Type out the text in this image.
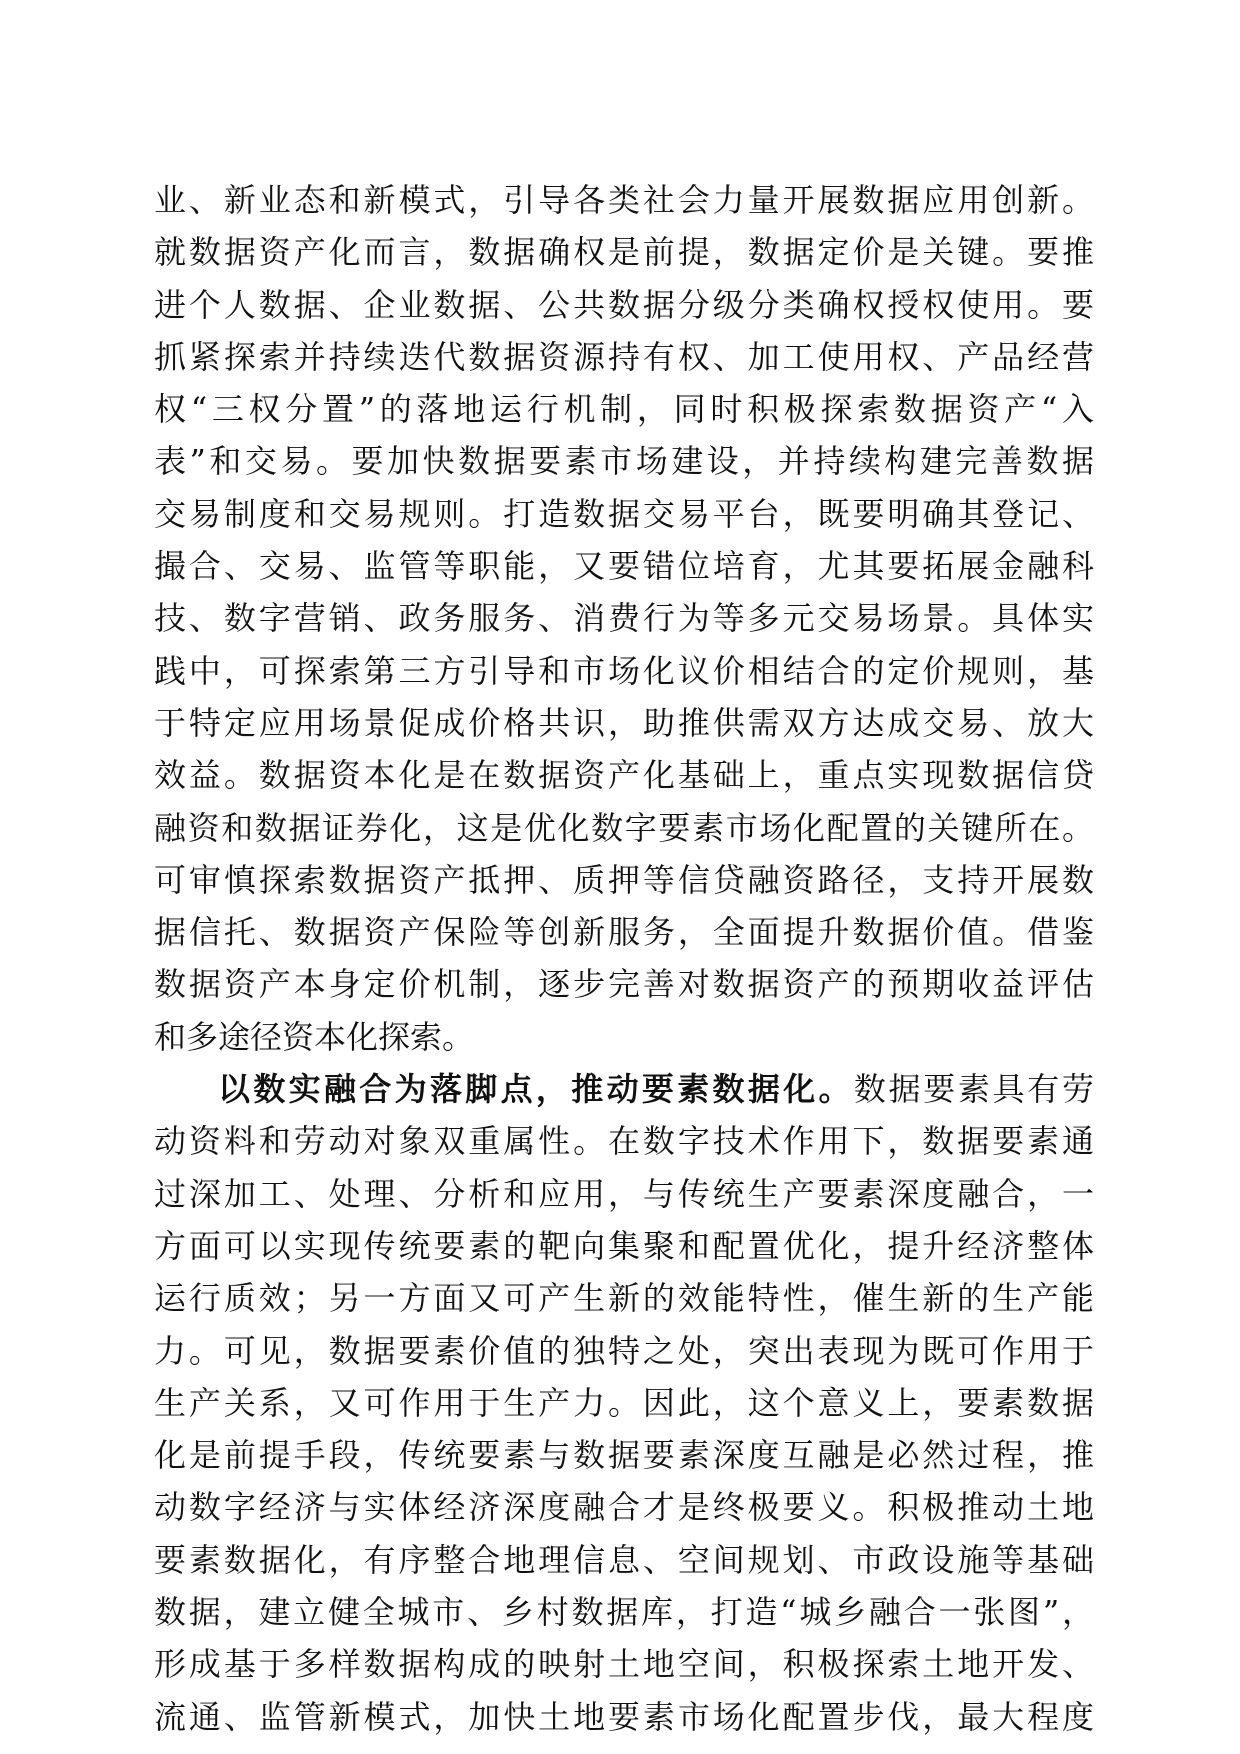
业、新业态和新模式，引导各类社会力量开展数据应用创新。
就数据资产化而言，数据确权是前提，数据定价是关键。要推
进个人数据、企业数据、公共数据分级分类确权授权使用。要
抓紧探索并持续迭代数据资源持有权、加工使用权、产品经营
权“三权分置”的落地运行机制，同时积极探索数据资产“入
表”和交易。要加快数据要素市场建设，并持续构建完善数据
交易制度和交易规则。打造数据交易平台，既要明确其登记、
撮合、交易、监管等职能，又要错位培育，尤其要拓展金融科
技、数字营销、政务服务、消费行为等多元交易场景。具体实
践中，可探索第三方引导和市场化议价相结合的定价规则，基
于特定应用场景促成价格共识，助推供需双方达成交易、放大
效益。数据资本化是在数据资产化基础上，重点实现数据信贷
融资和数据证券化，这是优化数字要素市场化配置的关键所在。
可审慎探索数据资产抵押、质押等信贷融资路径，支持开展数
据信托、数据资产保险等创新服务，全面提升数据价值。借鉴
数据资产本身定价机制，逐步完善对数据资产的预期收益评估
和多途径资本化探索。
以数实融合为落脚点，推动要素数据化。数据要素具有劳
动资料和劳动对象双重属性。在数字技术作用下，数据要素通
过深加工、处理、分析和应用，与传统生产要素深度融合，一
方面可以实现传统要素的靶向集聚和配置优化，提升经济整体
运行质效；另一方面又可产生新的效能特性，催生新的生产能
力。可见，数据要素价值的独特之处，突出表现为既可作用于
生产关系，又可作用于生产力。因此，这个意义上，要素数据
化是前提手段，传统要素与数据要素深度互融是必然过程，推
动数字经济与实体经济深度融合才是终极要义。积极推动土地
要素数据化，有序整合地理信息、空间规划、市政设施等基础
数据，建立健全城市、乡村数据库，打造“城乡融合一张图”，
形成基于多样数据构成的映射土地空间，积极探索土地开发、
流通、监管新模式，加快土地要素市场化配置步伐，最大程度
